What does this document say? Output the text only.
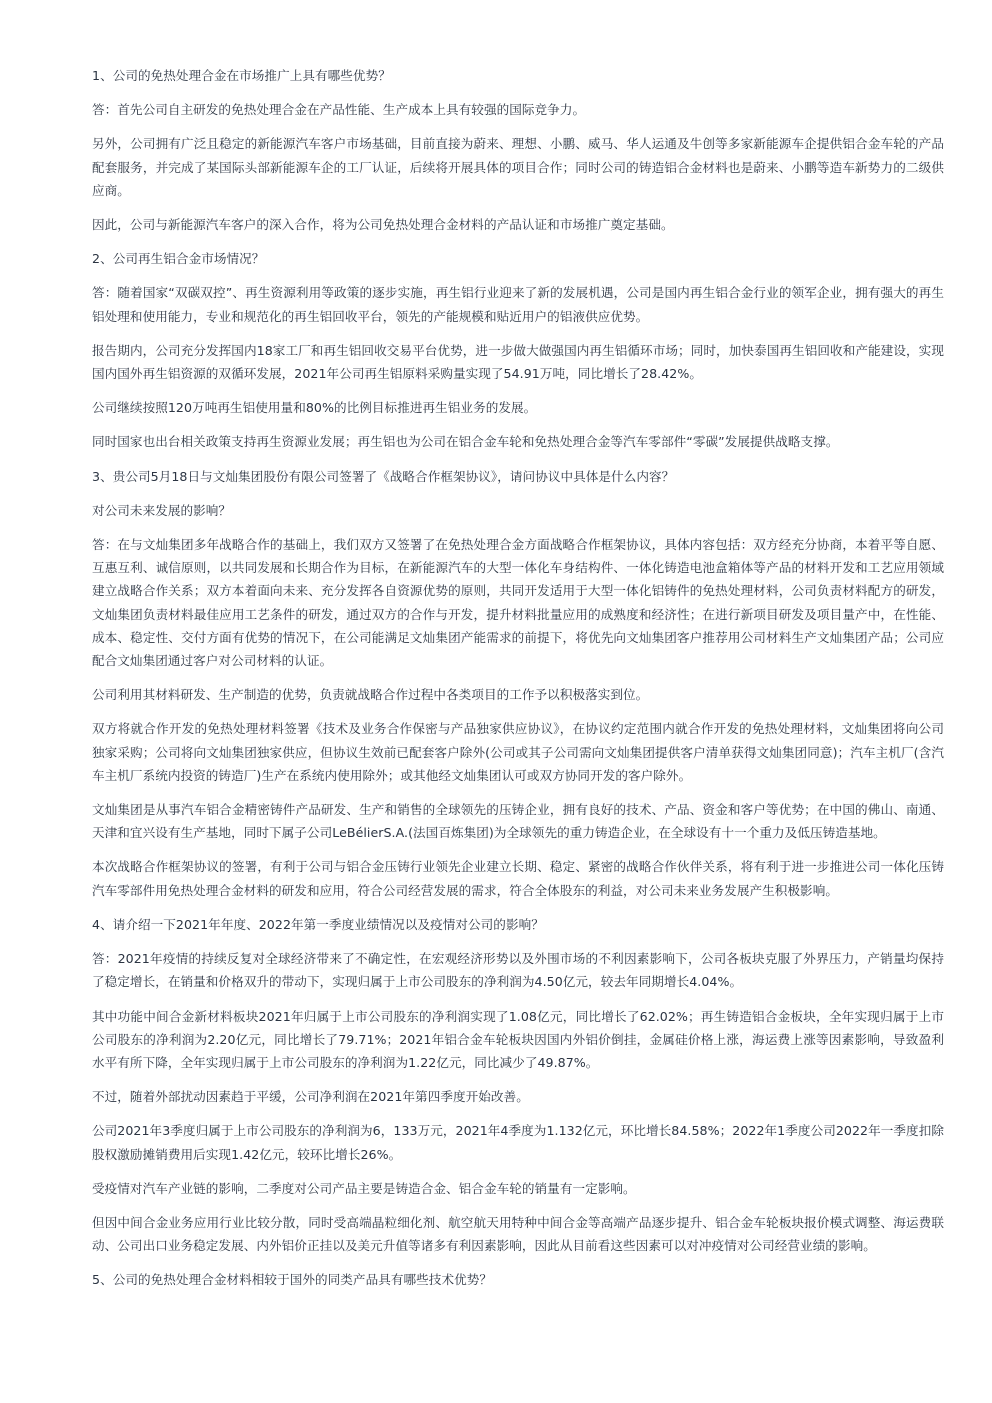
1、公司的免热处理合金在市场推广上具有哪些优势？

答：首先公司自主研发的免热处理合金在产品性能、生产成本上具有较强的国际竞争力。

另外，公司拥有广泛且稳定的新能源汽车客户市场基础，目前直接为蔚来、理想、小鹏、威马、华人运通及牛创等多家新能源车企提供铝合金车轮的产品配套服务，并完成了某国际头部新能源车企的工厂认证，后续将开展具体的项目合作；同时公司的铸造铝合金材料也是蔚来、小鹏等造车新势力的二级供应商。

因此，公司与新能源汽车客户的深入合作，将为公司免热处理合金材料的产品认证和市场推广奠定基础。

2、公司再生铝合金市场情况？

答：随着国家“双碳双控”、再生资源利用等政策的逐步实施，再生铝行业迎来了新的发展机遇，公司是国内再生铝合金行业的领军企业，拥有强大的再生铝处理和使用能力，专业和规范化的再生铝回收平台，领先的产能规模和贴近用户的铝液供应优势。

报告期内，公司充分发挥国内18家工厂和再生铝回收交易平台优势，进一步做大做强国内再生铝循环市场；同时，加快泰国再生铝回收和产能建设，实现国内国外再生铝资源的双循环发展，2021年公司再生铝原料采购量实现了54.91万吨，同比增长了28.42%。

公司继续按照120万吨再生铝使用量和80%的比例目标推进再生铝业务的发展。

同时国家也出台相关政策支持再生资源业发展；再生铝也为公司在铝合金车轮和免热处理合金等汽车零部件“零碳”发展提供战略支撑。

3、贵公司5月18日与文灿集团股份有限公司签署了《战略合作框架协议》，请问协议中具体是什么内容？

对公司未来发展的影响？

答：在与文灿集团多年战略合作的基础上，我们双方又签署了在免热处理合金方面战略合作框架协议，具体内容包括：双方经充分协商，本着平等自愿、互惠互利、诚信原则，以共同发展和长期合作为目标，在新能源汽车的大型一体化车身结构件、一体化铸造电池盒箱体等产品的材料开发和工艺应用领域建立战略合作关系；双方本着面向未来、充分发挥各自资源优势的原则，共同开发适用于大型一体化铝铸件的免热处理材料，公司负责材料配方的研发，文灿集团负责材料最佳应用工艺条件的研发，通过双方的合作与开发，提升材料批量应用的成熟度和经济性；在进行新项目研发及项目量产中，在性能、成本、稳定性、交付方面有优势的情况下，在公司能满足文灿集团产能需求的前提下，将优先向文灿集团客户推荐用公司材料生产文灿集团产品；公司应配合文灿集团通过客户对公司材料的认证。

公司利用其材料研发、生产制造的优势，负责就战略合作过程中各类项目的工作予以积极落实到位。

双方将就合作开发的免热处理材料签署《技术及业务合作保密与产品独家供应协议》，在协议约定范围内就合作开发的免热处理材料，文灿集团将向公司独家采购；公司将向文灿集团独家供应，但协议生效前已配套客户除外(公司或其子公司需向文灿集团提供客户清单获得文灿集团同意)；汽车主机厂(含汽车主机厂系统内投资的铸造厂)生产在系统内使用除外；或其他经文灿集团认可或双方协同开发的客户除外。

文灿集团是从事汽车铝合金精密铸件产品研发、生产和销售的全球领先的压铸企业，拥有良好的技术、产品、资金和客户等优势；在中国的佛山、南通、天津和宜兴设有生产基地，同时下属子公司LeBélierS.A.(法国百炼集团)为全球领先的重力铸造企业，在全球设有十一个重力及低压铸造基地。

本次战略合作框架协议的签署，有利于公司与铝合金压铸行业领先企业建立长期、稳定、紧密的战略合作伙伴关系，将有利于进一步推进公司一体化压铸汽车零部件用免热处理合金材料的研发和应用，符合公司经营发展的需求，符合全体股东的利益，对公司未来业务发展产生积极影响。

4、请介绍一下2021年年度、2022年第一季度业绩情况以及疫情对公司的影响？

答：2021年疫情的持续反复对全球经济带来了不确定性，在宏观经济形势以及外围市场的不利因素影响下，公司各板块克服了外界压力，产销量均保持了稳定增长，在销量和价格双升的带动下，实现归属于上市公司股东的净利润为4.50亿元，较去年同期增长4.04%。

其中功能中间合金新材料板块2021年归属于上市公司股东的净利润实现了1.08亿元，同比增长了62.02%；再生铸造铝合金板块，全年实现归属于上市公司股东的净利润为2.20亿元，同比增长了79.71%；2021年铝合金车轮板块因国内外铝价倒挂，金属硅价格上涨，海运费上涨等因素影响，导致盈利水平有所下降，全年实现归属于上市公司股东的净利润为1.22亿元，同比减少了49.87%。

不过，随着外部扰动因素趋于平缓，公司净利润在2021年第四季度开始改善。

公司2021年3季度归属于上市公司股东的净利润为6，133万元，2021年4季度为1.132亿元，环比增长84.58%；2022年1季度公司2022年一季度扣除股权激励摊销费用后实现1.42亿元，较环比增长26%。

受疫情对汽车产业链的影响，二季度对公司产品主要是铸造合金、铝合金车轮的销量有一定影响。

但因中间合金业务应用行业比较分散，同时受高端晶粒细化剂、航空航天用特种中间合金等高端产品逐步提升、铝合金车轮板块报价模式调整、海运费联动、公司出口业务稳定发展、内外铝价正挂以及美元升值等诸多有利因素影响，因此从目前看这些因素可以对冲疫情对公司经营业绩的影响。

5、公司的免热处理合金材料相较于国外的同类产品具有哪些技术优势？
